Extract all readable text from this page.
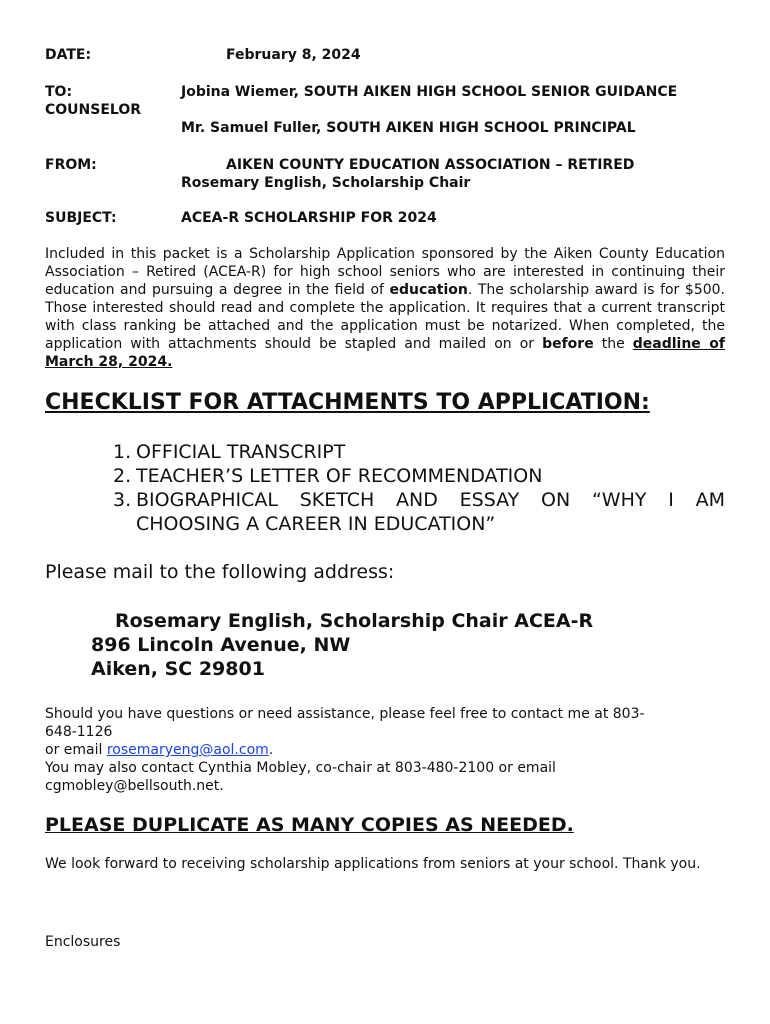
DATE:	February 8, 2024
TO:	Jobina Wiemer, SOUTH AIKEN HIGH SCHOOL SENIOR GUIDANCE
COUNSELOR
Mr. Samuel Fuller, SOUTH AIKEN HIGH SCHOOL PRINCIPAL
FROM:	AIKEN COUNTY EDUCATION ASSOCIATION – RETIRED
Rosemary English, Scholarship Chair
SUBJECT:	ACEA-R SCHOLARSHIP FOR 2024
Included in this packet is a Scholarship Application sponsored by the Aiken County Education Association – Retired (ACEA-R) for high school seniors who are interested in continuing their education and pursuing a degree in the field of education. The scholarship award is for $500. Those interested should read and complete the application. It requires that a current transcript with class ranking be attached and the application must be notarized. When completed, the application with attachments should be stapled and mailed on or before the deadline of March 28, 2024.
CHECKLIST FOR ATTACHMENTS TO APPLICATION:
1. OFFICIAL TRANSCRIPT
2. TEACHER’S LETTER OF RECOMMENDATION
3. BIOGRAPHICAL SKETCH AND ESSAY ON “WHY I AM CHOOSING A CAREER IN EDUCATION”
Please mail to the following address:
Rosemary English, Scholarship Chair ACEA-R
896 Lincoln Avenue, NW
Aiken, SC 29801
Should you have questions or need assistance, please feel free to contact me at 803-
648-1126
or email rosemaryeng@aol.com.
You may also contact Cynthia Mobley, co-chair at 803-480-2100 or email
cgmobley@bellsouth.net.
PLEASE DUPLICATE AS MANY COPIES AS NEEDED.
We look forward to receiving scholarship applications from seniors at your school. Thank you.
Enclosures
